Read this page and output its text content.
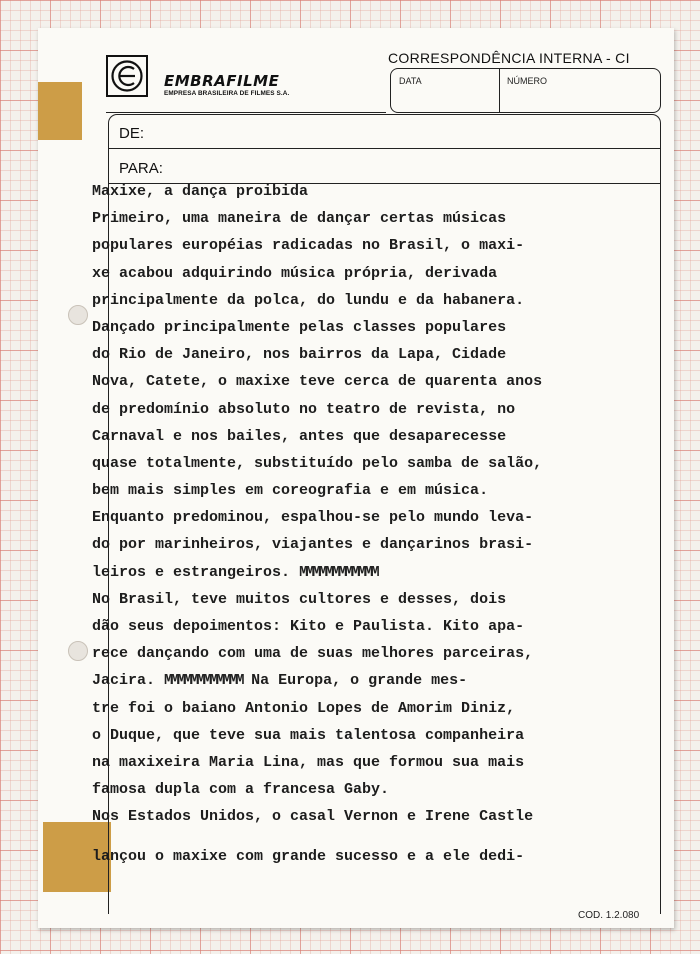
EMBRAFILME
EMPRESA BRASILEIRA DE FILMES S.A.
CORRESPONDÊNCIA INTERNA - CI
DATA	NÚMERO
DE:
PARA:
COD. 1.2.080
Maxixe, a dança proibida
Primeiro, uma maneira de dançar certas músicas
populares européias radicadas no Brasil, o maxi-
xe acabou adquirindo música própria, derivada
principalmente da polca, do lundu e da habanera.
Dançado principalmente pelas classes populares
do Rio de Janeiro, nos bairros da Lapa, Cidade
Nova, Catete, o maxixe teve cerca de quarenta anos
de predomínio absoluto no teatro de revista, no
Carnaval e nos bailes, antes que desaparecesse
quase totalmente, substituído pelo samba de salão,
bem mais simples em coreografia e em música.
Enquanto predominou, espalhou-se pelo mundo leva-
do por marinheiros, viajantes e dançarinos brasi-
leiros e estrangeiros. MMMMMMMMMMMM
No Brasil, teve muitos cultores e desses, dois
dão seus depoimentos: Kito e Paulista. Kito apa-
rece dançando com uma de suas melhores parceiras,
Jacira. MMMMMMMMMMMM Na Europa, o grande mes-
tre foi o baiano Antonio Lopes de Amorim Diniz,
o Duque, que teve sua mais talentosa companheira
na maxixeira Maria Lina, mas que formou sua mais
famosa dupla com a francesa Gaby.
Nos Estados Unidos, o casal Vernon e Irene Castle
lançou o maxixe com grande sucesso e a ele dedi-
